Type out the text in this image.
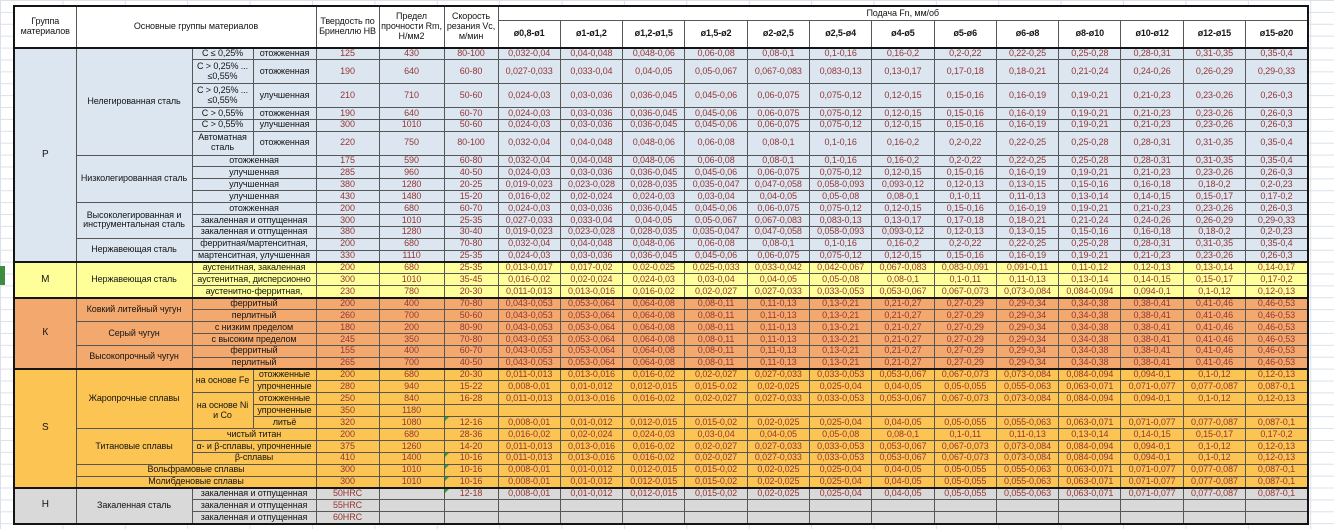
Группа материалов	Основные группы материалов			Твердость по Бринеллю HB	Предел прочности Rm, Н/мм2	Скорость резания Vc, м/мин	Подача Fn, мм/об												
							ø0,8-ø1	ø1-ø1,2	ø1,2-ø1,5	ø1,5-ø2	ø2-ø2,5	ø2,5-ø4	ø4-ø5	ø5-ø6	ø6-ø8	ø8-ø10	ø10-ø12	ø12-ø15	ø15-ø20
Р	Нелегированная сталь	C ≤ 0,25%	отожженная	125	430	80-100	0,032-0,04	0,04-0,048	0,048-0,06	0,06-0,08	0,08-0,1	0,1-0,16	0,16-0,2	0,2-0,22	0,22-0,25	0,25-0,28	0,28-0,31	0,31-0,35	0,35-0,4
		C > 0,25% ... ≤0,55%	отожженная	190	640	60-80	0,027-0,033	0,033-0,04	0,04-0,05	0,05-0,067	0,067-0,083	0,083-0,13	0,13-0,17	0,17-0,18	0,18-0,21	0,21-0,24	0,24-0,26	0,26-0,29	0,29-0,33
		C > 0,25% ... ≤0,55%	улучшенная	210	710	50-60	0,024-0,03	0,03-0,036	0,036-0,045	0,045-0,06	0,06-0,075	0,075-0,12	0,12-0,15	0,15-0,16	0,16-0,19	0,19-0,21	0,21-0,23	0,23-0,26	0,26-0,3
		C > 0,55%	отожженная	190	640	60-70	0,024-0,03	0,03-0,036	0,036-0,045	0,045-0,06	0,06-0,075	0,075-0,12	0,12-0,15	0,15-0,16	0,16-0,19	0,19-0,21	0,21-0,23	0,23-0,26	0,26-0,3
		C > 0,55%	улучшенная	300	1010	50-60	0,024-0,03	0,03-0,036	0,036-0,045	0,045-0,06	0,06-0,075	0,075-0,12	0,12-0,15	0,15-0,16	0,16-0,19	0,19-0,21	0,21-0,23	0,23-0,26	0,26-0,3
		Автоматная сталь	отожженная	220	750	80-100	0,032-0,04	0,04-0,048	0,048-0,06	0,06-0,08	0,08-0,1	0,1-0,16	0,16-0,2	0,2-0,22	0,22-0,25	0,25-0,28	0,28-0,31	0,31-0,35	0,35-0,4
	Низколегированная сталь	отожженная		175	590	60-80	0,032-0,04	0,04-0,048	0,048-0,06	0,06-0,08	0,08-0,1	0,1-0,16	0,16-0,2	0,2-0,22	0,22-0,25	0,25-0,28	0,28-0,31	0,31-0,35	0,35-0,4
		улучшенная		285	960	40-50	0,024-0,03	0,03-0,036	0,036-0,045	0,045-0,06	0,06-0,075	0,075-0,12	0,12-0,15	0,15-0,16	0,16-0,19	0,19-0,21	0,21-0,23	0,23-0,26	0,26-0,3
		улучшенная		380	1280	20-25	0,019-0,023	0,023-0,028	0,028-0,035	0,035-0,047	0,047-0,058	0,058-0,093	0,093-0,12	0,12-0,13	0,13-0,15	0,15-0,16	0,16-0,18	0,18-0,2	0,2-0,23
		улучшенная		430	1480	15-20	0,016-0,02	0,02-0,024	0,024-0,03	0,03-0,04	0,04-0,05	0,05-0,08	0,08-0,1	0,1-0,11	0,11-0,13	0,13-0,14	0,14-0,15	0,15-0,17	0,17-0,2
	Высоколегированная и инструментальная сталь	отожженная		200	680	60-70	0,024-0,03	0,03-0,036	0,036-0,045	0,045-0,06	0,06-0,075	0,075-0,12	0,12-0,15	0,15-0,16	0,16-0,19	0,19-0,21	0,21-0,23	0,23-0,26	0,26-0,3
		закаленная и отпущенная		300	1010	25-35	0,027-0,033	0,033-0,04	0,04-0,05	0,05-0,067	0,067-0,083	0,083-0,13	0,13-0,17	0,17-0,18	0,18-0,21	0,21-0,24	0,24-0,26	0,26-0,29	0,29-0,33
		закаленная и отпущенная		380	1280	30-40	0,019-0,023	0,023-0,028	0,028-0,035	0,035-0,047	0,047-0,058	0,058-0,093	0,093-0,12	0,12-0,13	0,13-0,15	0,15-0,16	0,16-0,18	0,18-0,2	0,2-0,23
	Нержавеющая сталь	ферритная/мартенситная,		200	680	70-80	0,032-0,04	0,04-0,048	0,048-0,06	0,06-0,08	0,08-0,1	0,1-0,16	0,16-0,2	0,2-0,22	0,22-0,25	0,25-0,28	0,28-0,31	0,31-0,35	0,35-0,4
		мартенситная, улучшенная		330	1110	25-35	0,024-0,03	0,03-0,036	0,036-0,045	0,045-0,06	0,06-0,075	0,075-0,12	0,12-0,15	0,15-0,16	0,16-0,19	0,19-0,21	0,21-0,23	0,23-0,26	0,26-0,3
М	Нержавеющая сталь	аустенитная, закаленная		200	680	25-35	0,013-0,017	0,017-0,02	0,02-0,025	0,025-0,033	0,033-0,042	0,042-0,067	0,067-0,083	0,083-0,091	0,091-0,11	0,11-0,12	0,12-0,13	0,13-0,14	0,14-0,17
		аустенитная, дисперсионно		300	1010	35-45	0,016-0,02	0,02-0,024	0,024-0,03	0,03-0,04	0,04-0,05	0,05-0,08	0,08-0,1	0,1-0,11	0,11-0,13	0,13-0,14	0,14-0,15	0,15-0,17	0,17-0,2
		аустенитно-ферритная,		230	780	20-30	0,011-0,013	0,013-0,016	0,016-0,02	0,02-0,027	0,027-0,033	0,033-0,053	0,053-0,067	0,067-0,073	0,073-0,084	0,084-0,094	0,094-0,1	0,1-0,12	0,12-0,13
К	Ковкий литейный чугун	ферритный		200	400	70-80	0,043-0,053	0,053-0,064	0,064-0,08	0,08-0,11	0,11-0,13	0,13-0,21	0,21-0,27	0,27-0,29	0,29-0,34	0,34-0,38	0,38-0,41	0,41-0,46	0,46-0,53
		перлитный		260	700	50-60	0,043-0,053	0,053-0,064	0,064-0,08	0,08-0,11	0,11-0,13	0,13-0,21	0,21-0,27	0,27-0,29	0,29-0,34	0,34-0,38	0,38-0,41	0,41-0,46	0,46-0,53
	Серый чугун	с низким пределом		180	200	80-90	0,043-0,053	0,053-0,064	0,064-0,08	0,08-0,11	0,11-0,13	0,13-0,21	0,21-0,27	0,27-0,29	0,29-0,34	0,34-0,38	0,38-0,41	0,41-0,46	0,46-0,53
		с высоким пределом		245	350	70-80	0,043-0,053	0,053-0,064	0,064-0,08	0,08-0,11	0,11-0,13	0,13-0,21	0,21-0,27	0,27-0,29	0,29-0,34	0,34-0,38	0,38-0,41	0,41-0,46	0,46-0,53
	Высокопрочный чугун	ферритный		155	400	60-70	0,043-0,053	0,053-0,064	0,064-0,08	0,08-0,11	0,11-0,13	0,13-0,21	0,21-0,27	0,27-0,29	0,29-0,34	0,34-0,38	0,38-0,41	0,41-0,46	0,46-0,53
		перлитный		265	700	40-50	0,043-0,053	0,053-0,064	0,064-0,08	0,08-0,11	0,11-0,13	0,13-0,21	0,21-0,27	0,27-0,29	0,29-0,34	0,34-0,38	0,38-0,41	0,41-0,46	0,46-0,53
S	Жаропрочные сплавы	на основе Fe	отожженные	200	680	20-30	0,011-0,013	0,013-0,016	0,016-0,02	0,02-0,027	0,027-0,033	0,033-0,053	0,053-0,067	0,067-0,073	0,073-0,084	0,084-0,094	0,094-0,1	0,1-0,12	0,12-0,13
			упрочненные	280	940	15-22	0,008-0,01	0,01-0,012	0,012-0,015	0,015-0,02	0,02-0,025	0,025-0,04	0,04-0,05	0,05-0,055	0,055-0,063	0,063-0,071	0,071-0,077	0,077-0,087	0,087-0,1
		на основе Ni и Co	отожженные	250	840	16-28	0,011-0,013	0,013-0,016	0,016-0,02	0,02-0,027	0,027-0,033	0,033-0,053	0,053-0,067	0,067-0,073	0,073-0,084	0,084-0,094	0,094-0,1	0,1-0,12	0,12-0,13
			упрочненные	350	1180														
			литьё	320	1080	12-16	0,008-0,01	0,01-0,012	0,012-0,015	0,015-0,02	0,02-0,025	0,025-0,04	0,04-0,05	0,05-0,055	0,055-0,063	0,063-0,071	0,071-0,077	0,077-0,087	0,087-0,1
	Титановые сплавы	чистый титан		200	680	28-36	0,016-0,02	0,02-0,024	0,024-0,03	0,03-0,04	0,04-0,05	0,05-0,08	0,08-0,1	0,1-0,11	0,11-0,13	0,13-0,14	0,14-0,15	0,15-0,17	0,17-0,2
		α- и β-сплавы, упрочненные		375	1260	14-20	0,011-0,013	0,013-0,016	0,016-0,02	0,02-0,027	0,027-0,033	0,033-0,053	0,053-0,067	0,067-0,073	0,073-0,084	0,084-0,094	0,094-0,1	0,1-0,12	0,12-0,13
		β-сплавы		410	1400	10-16	0,011-0,013	0,013-0,016	0,016-0,02	0,02-0,027	0,027-0,033	0,033-0,053	0,053-0,067	0,067-0,073	0,073-0,084	0,084-0,094	0,094-0,1	0,1-0,12	0,12-0,13
	Вольфрамовые сплавы			300	1010	10-16	0,008-0,01	0,01-0,012	0,012-0,015	0,015-0,02	0,02-0,025	0,025-0,04	0,04-0,05	0,05-0,055	0,055-0,063	0,063-0,071	0,071-0,077	0,077-0,087	0,087-0,1
	Молибденовые сплавы			300	1010	10-16	0,008-0,01	0,01-0,012	0,012-0,015	0,015-0,02	0,02-0,025	0,025-0,04	0,04-0,05	0,05-0,055	0,055-0,063	0,063-0,071	0,071-0,077	0,077-0,087	0,087-0,1
Н	Закаленная сталь	закаленная и отпущенная		50HRC		12-18	0,008-0,01	0,01-0,012	0,012-0,015	0,015-0,02	0,02-0,025	0,025-0,04	0,04-0,05	0,05-0,055	0,055-0,063	0,063-0,071	0,071-0,077	0,077-0,087	0,087-0,1
		закаленная и отпущенная		55HRC															
		закаленная и отпущенная		60HRC															
